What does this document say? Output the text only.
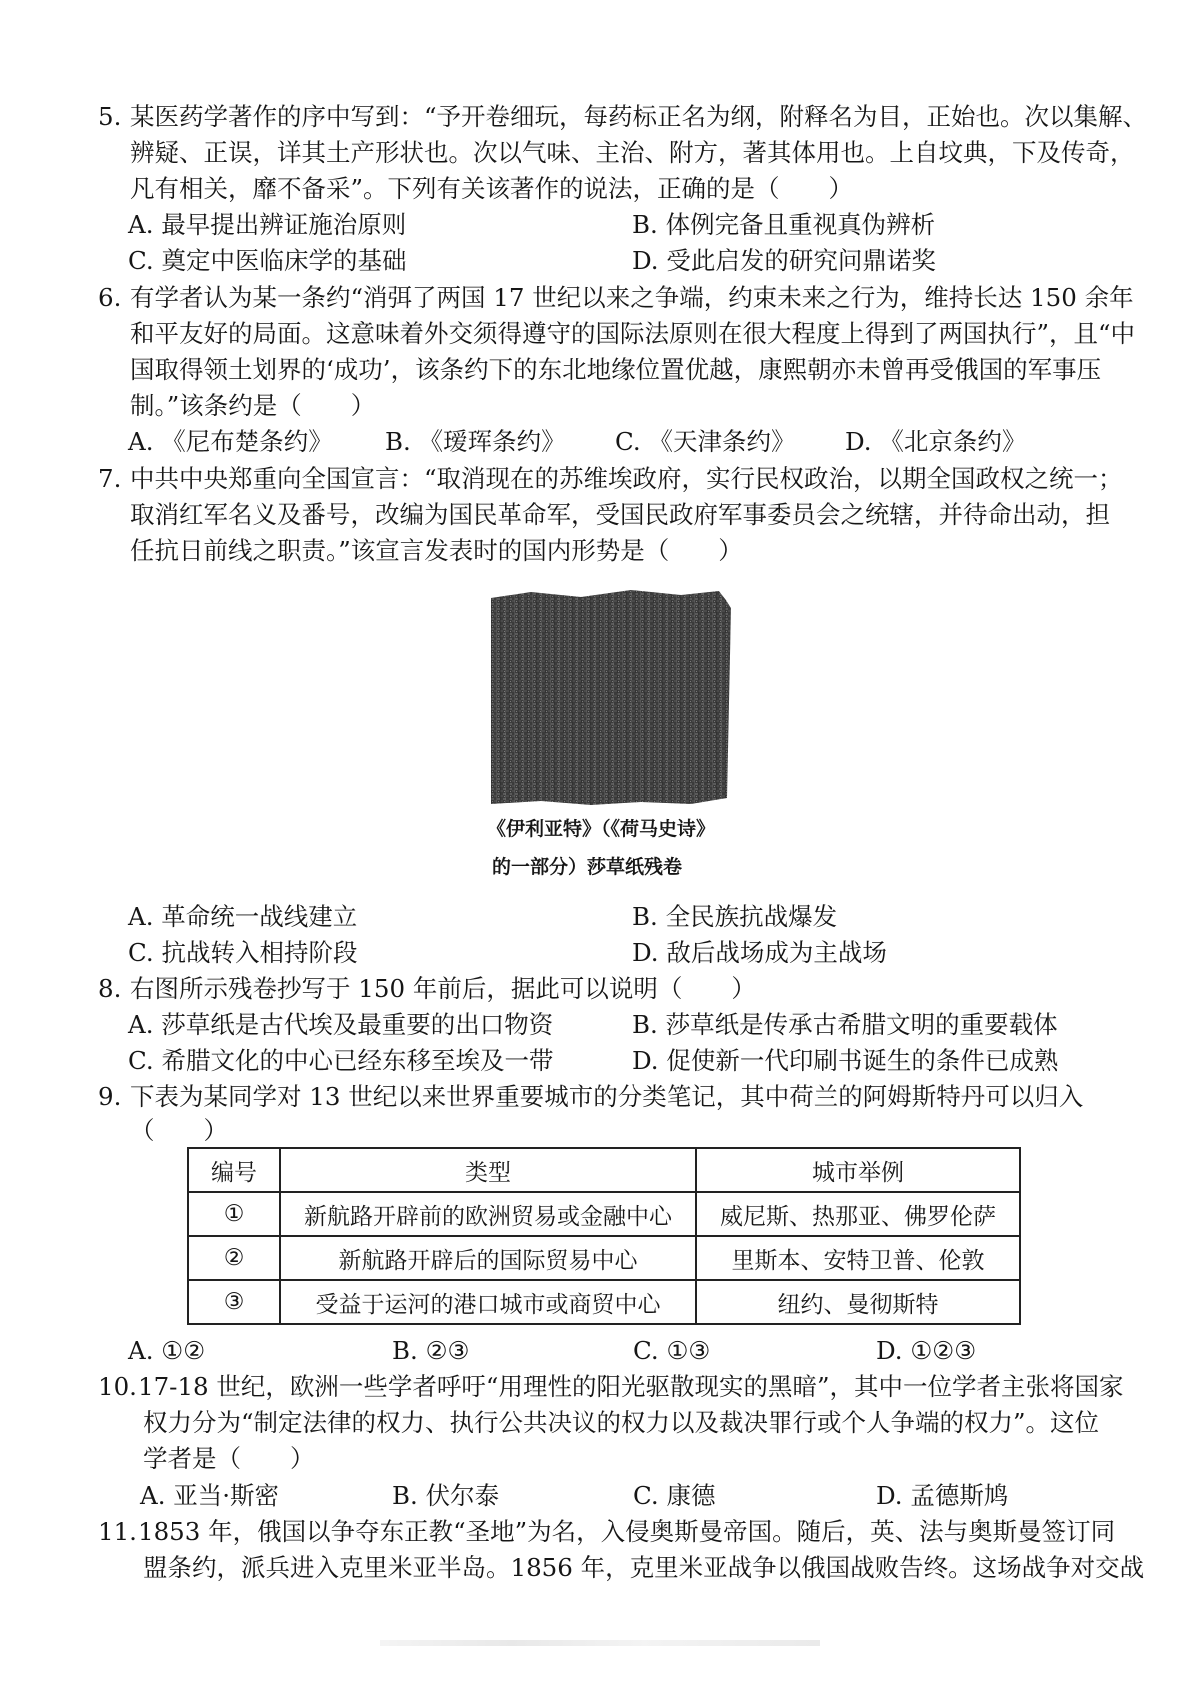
5. 某医药学著作的序中写到：“予开卷细玩，每药标正名为纲，附释名为目，正始也。次以集解、
辨疑、正误，详其土产形状也。次以气味、主治、附方，著其体用也。上自坟典，下及传奇，
凡有相关，靡不备采”。下列有关该著作的说法，正确的是（　　）
A. 最早提出辨证施治原则	B. 体例完备且重视真伪辨析
C. 奠定中医临床学的基础	D. 受此启发的研究问鼎诺奖
6. 有学者认为某一条约“消弭了两国 17 世纪以来之争端，约束未来之行为，维持长达 150 余年
和平友好的局面。这意味着外交须得遵守的国际法原则在很大程度上得到了两国执行”，且“中
国取得领土划界的‘成功’，该条约下的东北地缘位置优越，康熙朝亦未曾再受俄国的军事压
制。”该条约是（　　）
A. 《尼布楚条约》 B. 《瑷珲条约》 C. 《天津条约》 D. 《北京条约》
7. 中共中央郑重向全国宣言：“取消现在的苏维埃政府，实行民权政治，以期全国政权之统一；
取消红军名义及番号，改编为国民革命军，受国民政府军事委员会之统辖，并待命出动，担
任抗日前线之职责。”该宣言发表时的国内形势是（　　）
《伊利亚特》（《荷马史诗》
的一部分）莎草纸残卷
A. 革命统一战线建立	B. 全民族抗战爆发
C. 抗战转入相持阶段	D. 敌后战场成为主战场
8. 右图所示残卷抄写于 150 年前后，据此可以说明（　　）
A. 莎草纸是古代埃及最重要的出口物资	B. 莎草纸是传承古希腊文明的重要载体
C. 希腊文化的中心已经东移至埃及一带	D. 促使新一代印刷书诞生的条件已成熟
9. 下表为某同学对 13 世纪以来世界重要城市的分类笔记，其中荷兰的阿姆斯特丹可以归入
（　　）
编号	类型	城市举例
①	新航路开辟前的欧洲贸易或金融中心	威尼斯、热那亚、佛罗伦萨
②	新航路开辟后的国际贸易中心	里斯本、安特卫普、伦敦
③	受益于运河的港口城市或商贸中心	纽约、曼彻斯特
A. ①②	B. ②③	C. ①③	D. ①②③
10. 17-18 世纪，欧洲一些学者呼吁“用理性的阳光驱散现实的黑暗”，其中一位学者主张将国家
权力分为“制定法律的权力、执行公共决议的权力以及裁决罪行或个人争端的权力”。这位
学者是（　　）
A. 亚当·斯密	B. 伏尔泰	C. 康德	D. 孟德斯鸠
11. 1853 年，俄国以争夺东正教“圣地”为名，入侵奥斯曼帝国。随后，英、法与奥斯曼签订同
盟条约，派兵进入克里米亚半岛。1856 年，克里米亚战争以俄国战败告终。这场战争对交战
